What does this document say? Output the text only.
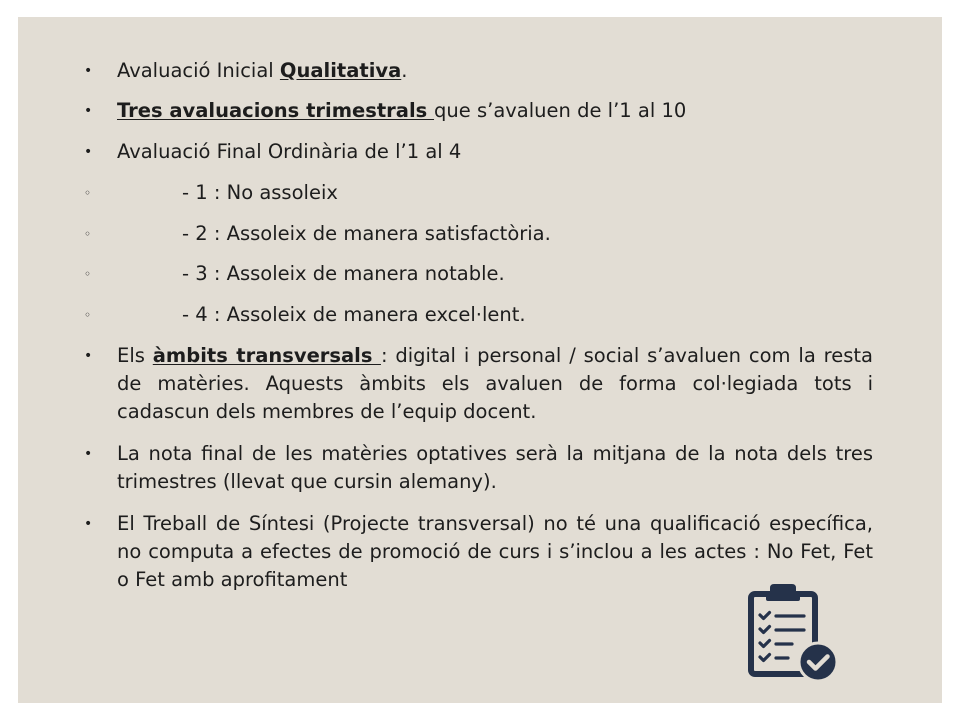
• Avaluació Inicial Qualitativa.
• Tres avaluacions trimestrals que s’avaluen de l’1 al 10
• Avaluació Final Ordinària de l’1 al 4
◦	- 1 : No assoleix
◦	- 2 : Assoleix de manera satisfactòria.
◦	- 3 : Assoleix de manera notable.
◦	- 4 : Assoleix de manera excel·lent.
• Els àmbits transversals : digital i personal / social s’avaluen com la resta de matèries. Aquests àmbits els avaluen de forma col·legiada tots i cadascun dels membres de l’equip docent.
• La nota final de les matèries optatives serà la mitjana de la nota dels tres trimestres (llevat que cursin alemany).
• El Treball de Síntesi (Projecte transversal) no té una qualificació específica, no computa a efectes de promoció de curs i s’inclou a les actes : No Fet, Fet o Fet amb aprofitament
